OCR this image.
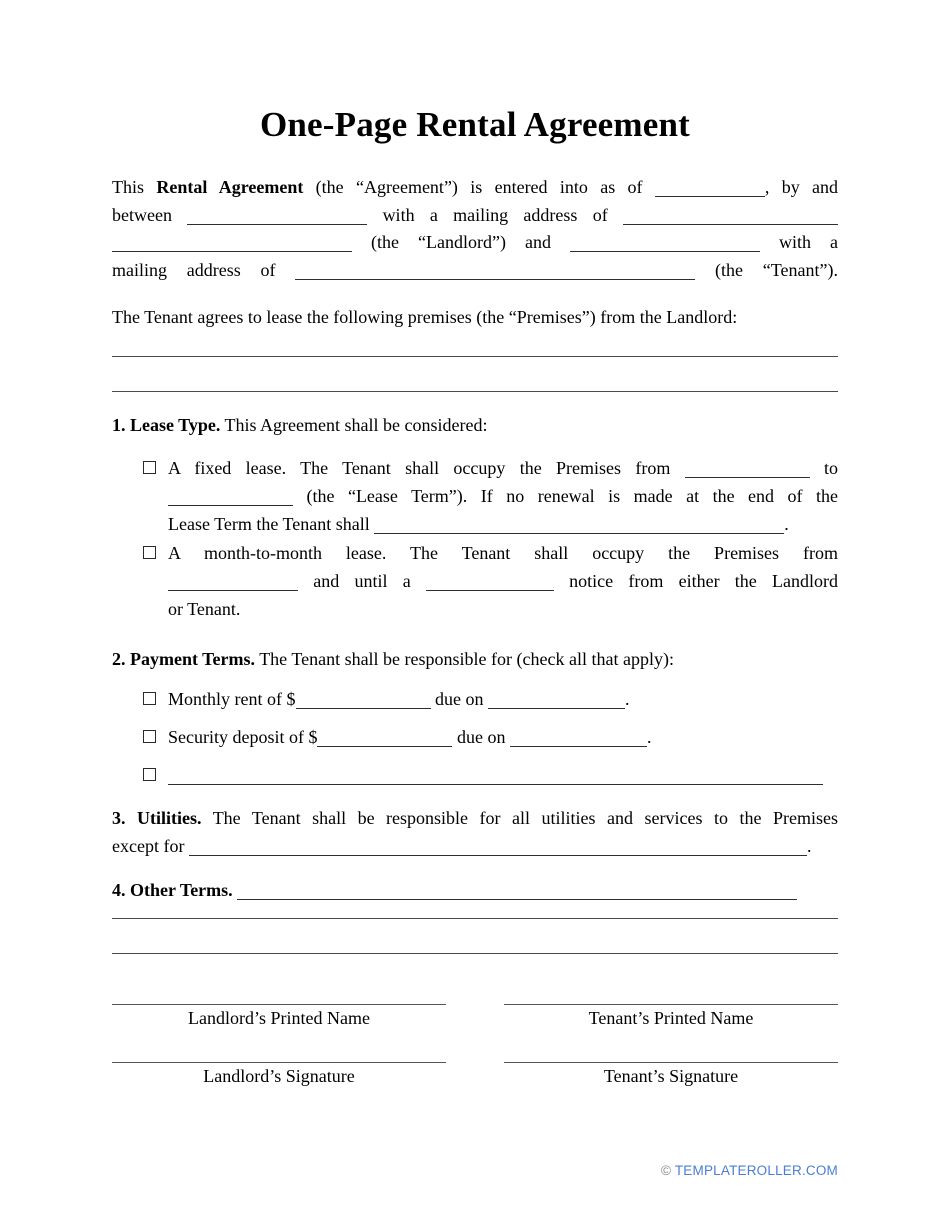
One-Page Rental Agreement
This Rental Agreement (the “Agreement”) is entered into as of	, by and
between	with a mailing address of
(the “Landlord”) and	with a
mailing address of	(the “Tenant”).
The Tenant agrees to lease the following premises (the “Premises”) from the Landlord:
1. Lease Type. This Agreement shall be considered:
A fixed lease. The Tenant shall occupy the Premises from	to
(the “Lease Term”). If no renewal is made at the end of the
Lease Term the Tenant shall	.
A month-to-month lease. The Tenant shall occupy the Premises from
and until a	notice from either the Landlord
or Tenant.
2. Payment Terms. The Tenant shall be responsible for (check all that apply):
Monthly rent of $	due on	.
Security deposit of $	due on	.
3. Utilities. The Tenant shall be responsible for all utilities and services to the Premises
except for	.
4. Other Terms.
Landlord’s Printed Name	Tenant’s Printed Name
Landlord’s Signature	Tenant’s Signature
© TEMPLATEROLLER.COM
